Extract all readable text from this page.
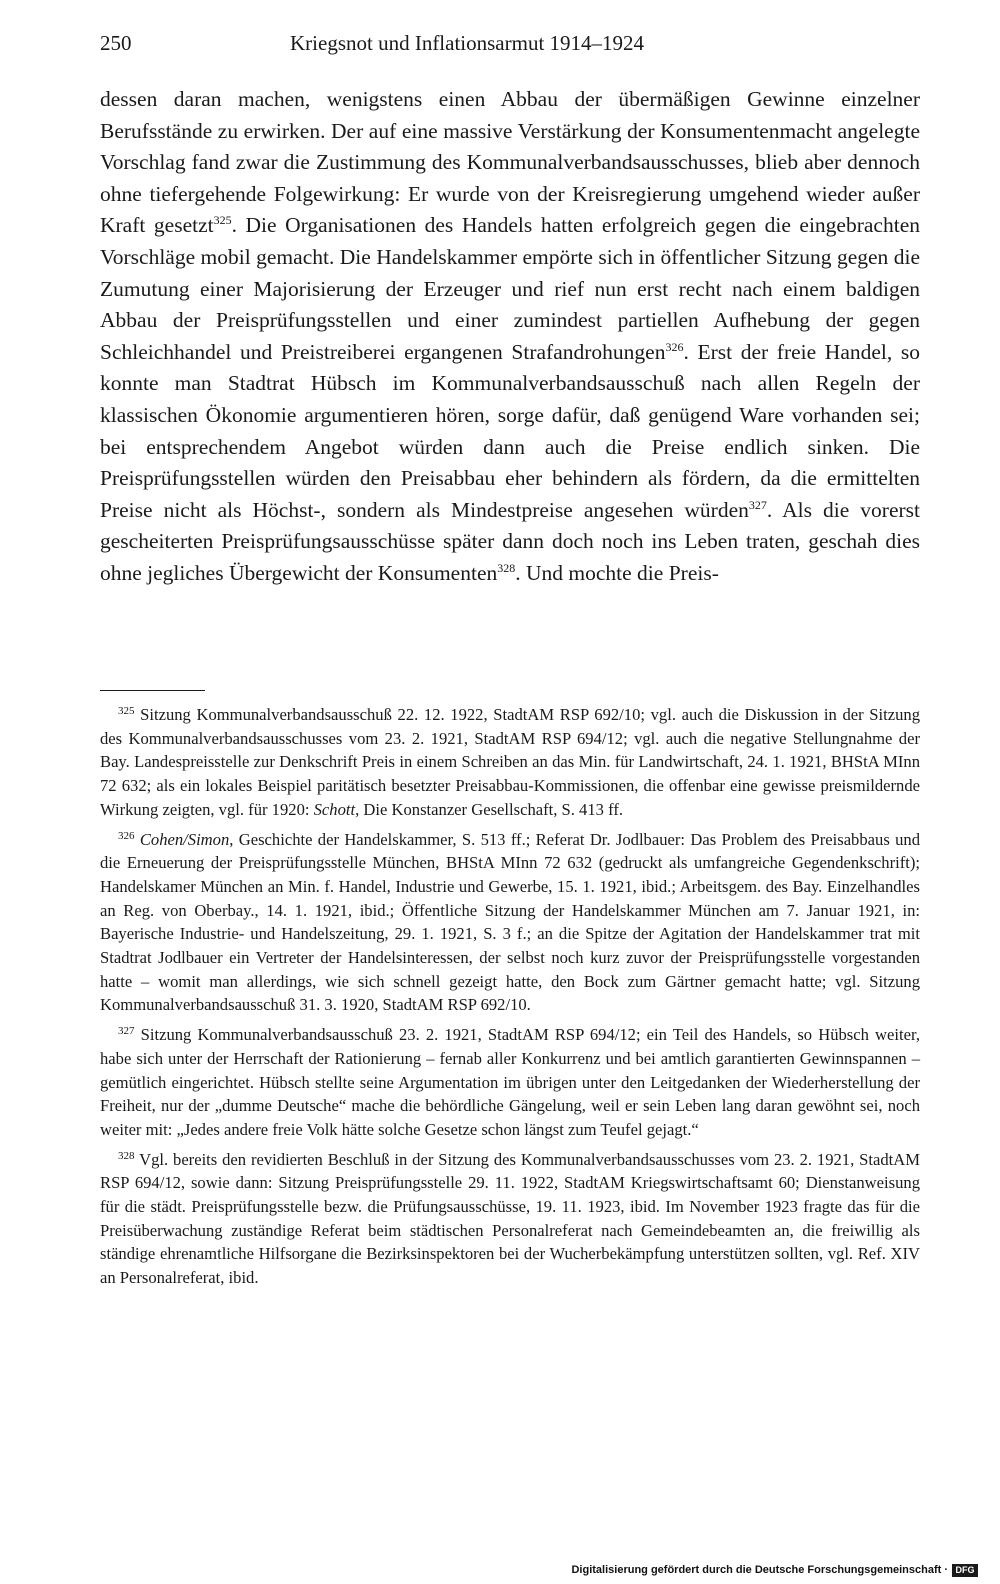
250	Kriegsnot und Inflationsarmut 1914–1924

dessen daran machen, wenigstens einen Abbau der übermäßigen Gewinne einzelner Berufsstände zu erwirken. Der auf eine massive Verstärkung der Konsumentenmacht angelegte Vorschlag fand zwar die Zustimmung des Kommunalverbandsausschusses, blieb aber dennoch ohne tiefergehende Folgewirkung: Er wurde von der Kreisregierung umgehend wieder außer Kraft gesetzt$^{325}$. Die Organisationen des Handels hatten erfolgreich gegen die eingebrachten Vorschläge mobil gemacht. Die Handelskammer empörte sich in öffentlicher Sitzung gegen die Zumutung einer Majorisierung der Erzeuger und rief nun erst recht nach einem baldigen Abbau der Preisprüfungsstellen und einer zumindest partiellen Aufhebung der gegen Schleichhandel und Preistreiberei ergangenen Strafandrohungen$^{326}$. Erst der freie Handel, so konnte man Stadtrat Hübsch im Kommunalverbandsausschuß nach allen Regeln der klassischen Ökonomie argumentieren hören, sorge dafür, daß genügend Ware vorhanden sei; bei entsprechendem Angebot würden dann auch die Preise endlich sinken. Die Preisprüfungsstellen würden den Preisabbau eher behindern als fördern, da die ermittelten Preise nicht als Höchst-, sondern als Mindestpreise angesehen würden$^{327}$. Als die vorerst gescheiterten Preisprüfungsausschüsse später dann doch noch ins Leben traten, geschah dies ohne jegliches Übergewicht der Konsumenten$^{328}$. Und mochte die Preis-

$^{325}$ Sitzung Kommunalverbandsausschuß 22. 12. 1922, StadtAM RSP 692/10; vgl. auch die Diskussion in der Sitzung des Kommunalverbandsausschusses vom 23. 2. 1921, StadtAM RSP 694/12; vgl. auch die negative Stellungnahme der Bay. Landespreisstelle zur Denkschrift Preis in einem Schreiben an das Min. für Landwirtschaft, 24. 1. 1921, BHStA MInn 72 632; als ein lokales Beispiel paritätisch besetzter Preisabbau-Kommissionen, die offenbar eine gewisse preismildernde Wirkung zeigten, vgl. für 1920: Schott, Die Konstanzer Gesellschaft, S. 413 ff.

$^{326}$ Cohen/Simon, Geschichte der Handelskammer, S. 513 ff.; Referat Dr. Jodlbauer: Das Problem des Preisabbaus und die Erneuerung der Preisprüfungsstelle München, BHStA MInn 72 632 (gedruckt als umfangreiche Gegendenkschrift); Handelskamer München an Min. f. Handel, Industrie und Gewerbe, 15. 1. 1921, ibid.; Arbeitsgem. des Bay. Einzelhandles an Reg. von Oberbay., 14. 1. 1921, ibid.; Öffentliche Sitzung der Handelskammer München am 7. Januar 1921, in: Bayerische Industrie- und Handelszeitung, 29. 1. 1921, S. 3 f.; an die Spitze der Agitation der Handelskammer trat mit Stadtrat Jodlbauer ein Vertreter der Handelsinteressen, der selbst noch kurz zuvor der Preisprüfungsstelle vorgestanden hatte – womit man allerdings, wie sich schnell gezeigt hatte, den Bock zum Gärtner gemacht hatte; vgl. Sitzung Kommunalverbandsausschuß 31. 3. 1920, StadtAM RSP 692/10.

$^{327}$ Sitzung Kommunalverbandsausschuß 23. 2. 1921, StadtAM RSP 694/12; ein Teil des Handels, so Hübsch weiter, habe sich unter der Herrschaft der Rationierung – fernab aller Konkurrenz und bei amtlich garantierten Gewinnspannen – gemütlich eingerichtet. Hübsch stellte seine Argumentation im übrigen unter den Leitgedanken der Wiederherstellung der Freiheit, nur der „dumme Deutsche“ mache die behördliche Gängelung, weil er sein Leben lang daran gewöhnt sei, noch weiter mit: „Jedes andere freie Volk hätte solche Gesetze schon längst zum Teufel gejagt.“

$^{328}$ Vgl. bereits den revidierten Beschluß in der Sitzung des Kommunalverbandsausschusses vom 23. 2. 1921, StadtAM RSP 694/12, sowie dann: Sitzung Preisprüfungsstelle 29. 11. 1922, StadtAM Kriegswirtschaftsamt 60; Dienstanweisung für die städt. Preisprüfungsstelle bezw. die Prüfungsausschüsse, 19. 11. 1923, ibid. Im November 1923 fragte das für die Preisüberwachung zuständige Referat beim städtischen Personalreferat nach Gemeindebeamten an, die freiwillig als ständige ehrenamtliche Hilfsorgane die Bezirksinspektoren bei der Wucherbekämpfung unterstützen sollten, vgl. Ref. XIV an Personalreferat, ibid.

Digitalisierung gefördert durch die Deutsche Forschungsgemeinschaft · DFG
